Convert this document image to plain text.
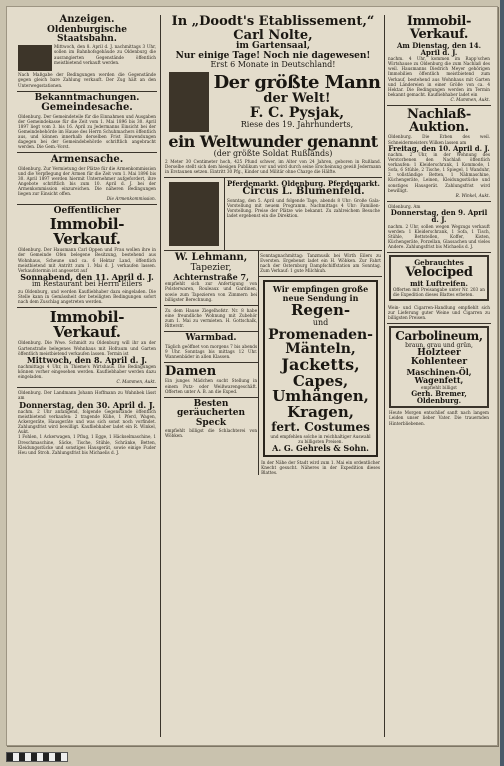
Anzeigen.
Oldenburgische Staatsbahn.
Mittwoch, den 8. April d. J. nachmittags 3 Uhr, sollen im Bahnhofsgebäude zu Oldenburg die ausrangierten Gegenstände öffentlich meistbietend verkauft werden.
Nach Maßgabe der Bedingungen werden die Gegenstände gegen gleich bare Zahlung verkauft. Der Zug hält an den Unterwegsstationen.
Bekanntmachungen.
Gemeindesache.
Oldenburg. Der Gemeindeteile für die Einnahmen und Ausgaben der Gemeindekasse für die Zeit vom 1. Mai 1896 bis 30. April 1897 liegt vom 3. bis 16. April zu Jedermanns Einsicht bei der Gemeindebehörde im Hause des Herrn Schuhmachers öffentlich aus, und können innerhalb derselben Frist Einwendungen dagegen bei der Gemeindebehörde schriftlich angebracht werden. Die Gem.-Vorst.
Armensache.
Oldenburg. Zur Vermietung der Plätze für die Armenkommission und die Verpflegung der Armen für die Zeit vom 1. Mai 1896 bis 30. April 1897 werden hiermit Unternehmer aufgefordert, ihre Angebote schriftlich bis zum 10. April d. J. bei der Armenkommission einzureichen. Die näheren Bedingungen liegen zur Einsicht offen.
Die Armenkommission.
Oeffentlicher
Immobil-Verkauf.
Oldenburg. Der Hausmann Carl Oppen und Frau wollen ihre in der Gemeinde Ofen belegene Besitzung, bestehend aus Wohnhaus, Scheune und ca. 6 Hektar Land, öffentlich meistbietend mit Antritt zum 1. Mai d. J. verkaufen lassen. Verkaufstermin ist angesetzt auf
Sonnabend, den 11. April d. J.
im Restaurant bei Herrn Eilers
zu Oldenburg, und werden Kaufliebhaber dazu eingeladen. Die Stelle kann in Gemässheit der beteiligten Bedingungen sofort nach dem Zuschlag angetreten werden.
Immobil-Verkauf.
Oldenburg. Die Wwe. Schmidt zu Oldenburg will ihr an der Gartenstraße belegenes Wohnhaus mit Hofraum und Garten öffentlich meistbietend verkaufen lassen. Termin ist
Mittwoch, den 8. April d. J.
nachmittags 4 Uhr, in Thieme's Wirtshaus. Die Bedingungen können vorher eingesehen werden. Kaufliebhaber werden dazu eingeladen.
C. Mammen, Aukt.
Oldenburg. Der Landmann Johann Hoffmann zu Wahnbek lässt am
Donnerstag, den 30. April d. J.
nachm. 2 Uhr anfangend, folgende Gegenstände öffentlich meistbietend verkaufen: 2 tragende Kühe, 1 Pferd, Wagen, Ackergeräte, Hausgeräte und was sich sonst noch vorfindet. Zahlungsfrist wird bewilligt. Kaufliebhaber ladet ein R. Winkel, Aukt.
1 Fohlen, 1 Ackerwagen, 1 Pflug, 1 Egge, 1 Häckselmaschine, 1 Dreschmaschine, Säcke, Tische, Stühle, Schränke, Betten, Kleidungsstücke und sonstiges Hausgerät, sowie einige Fuder Heu und Stroh. Zahlungsfrist bis Michaelis d. J.
In „Doodt's Etablissement,“ Carl Nolte,
im Gartensaal,
Nur einige Tage! Noch nie dagewesen!
Erst 6 Monate in Deutschland!
Der größte Mann
der Welt!
F. C. Pysjak,
Riese des 19. Jahrhunderts,
ein Weltwunder genannt
(der größte Soldat Rußlands)
2 Meter 30 Centimeter hoch, 425 Pfund schwer, im Alter von 24 Jahren, geboren in Rußland. Derselbe stellt sich dem hiesigen Publikum vor und wird durch seine Erscheinung gewiß Jedermann in Erstaunen setzen. Eintritt 30 Pfg., Kinder und Militär ohne Charge die Hälfte.
Pferdemarkt. Oldenburg. Pferdemarkt.
Circus L. Blumenfeld.
Sonntag, den 5. April und folgende Tage, abends 8 Uhr: Große Gala-Vorstellung mit neuem Programm. Nachmittags 4 Uhr: Familien-Vorstellung. Preise der Plätze wie bekannt. Zu zahlreichem Besuche ladet ergebenst ein die Direktion.
W. Lehmann,
Tapezier,
Achternstraße 7,
empfiehlt sich zur Anfertigung von Polsterwaren, Rouleaux und Gardinen, sowie zum Tapezieren von Zimmern bei billigster Berechnung.
Zu dem Hause Ziegelhofstr. Nr. 8 habe eine freundliche Wohnung mit Zubehör zum 1. Mai zu vermieten. H. Gottschalk, Ritterstr.
Warmbad.
Täglich geöffnet von morgens 7 bis abends 9 Uhr. Sonntags bis mittags 12 Uhr. Wannenbäder in allen Klassen.
Damen
Ein junges Mädchen sucht Stellung in einem Putz- oder Weißwarengeschäft. Offerten unter A. B. an die Exped.
Besten geräucherten Speck
empfiehlt billigst die Schlachterei von Wöbken.
Sonntagnachmittag: Tanzmusik bei Wirth Eilers zu Eversten. Ergebenst ladet ein H. Wöbken. Zur Fahrt nach der Osternburg Dampfschiffstation am Sonntag. Zum Verkauf: 1 gute Milchkuh.
Wir empfingen große
neue Sendung in
Regen-
und
Promenaden-
Mänteln,
Jacketts,
Capes,
Umhängen,
Kragen,
fert. Costumes
und empfehlen solche in reichhaltiger Auswahl zu billigsten Preisen.
A. G. Gehrels & Sohn.
In der Nähe der Stadt wird zum 1. Mai ein ordentlicher Knecht gesucht. Näheres in der Expedition dieses Blattes.
Immobil-Verkauf.
Am Dienstag, den 14. April d. J.
nachm. 4 Uhr, kommen im Rapp'schen Wirtshause zu Oldenburg die zum Nachlaß des weil. Hausmanns Diedrich Meyer gehörigen Immobilien öffentlich meistbietend zum Verkauf, bestehend aus Wohnhaus mit Garten und Ländereien in einer Größe von ca. 4 Hektar. Die Bedingungen werden im Termin bekannt gemacht. Kaufliebhaber ladet ein
C. Mammen, Aukt.
Nachlaß-Auktion.
Oldenburg. Die Erben des weil. Schneidermeisters Wilken lassen am
Freitag, den 10. April d. J.
nachm. 2 Uhr, in der Wohnung des Verstorbenen den Nachlaß öffentlich verkaufen: 1 Kleiderschrank, 1 Kommode, 1 Sofa, 6 Stühle, 2 Tische, 1 Spiegel, 1 Wanduhr, 2 vollständige Betten, 1 Nähmaschine, Küchengeräte, Leinen, Kleidungsstücke und sonstiges Hausgerät. Zahlungsfrist wird bewilligt.
R. Winkel, Aukt.
Oldenburg. Am
Donnerstag, den 9. April d. J.
nachm. 2 Uhr, sollen wegen Wegzugs verkauft werden: 1 Kleiderschrank, 1 Sofa, 1 Tisch, Stühle, Bettstellen, Koffer, Kisten, Küchengeräte, Porzellan, Glassachen und vieles Andere. Zahlungsfrist bis Michaelis d. J.
Gebrauchtes
Velociped
mit Luftreifen.
Offerten mit Preisangabe unter Nr. 203 an die Expedition dieses Blattes erbeten.
Wein- und Cigarren-Handlung empfiehlt sich zur Lieferung guter Weine und Cigarren zu billigsten Preisen.
Carbolineum,
braun, grau und grün,
Holzteer
Kohlenteer
Maschinen-Öl,
Wagenfett,
empfiehlt billigst
Gerh. Bremer, Oldenburg.
Heute Morgen entschlief sanft nach langem Leiden unser lieber Vater. Die trauernden Hinterbliebenen.
